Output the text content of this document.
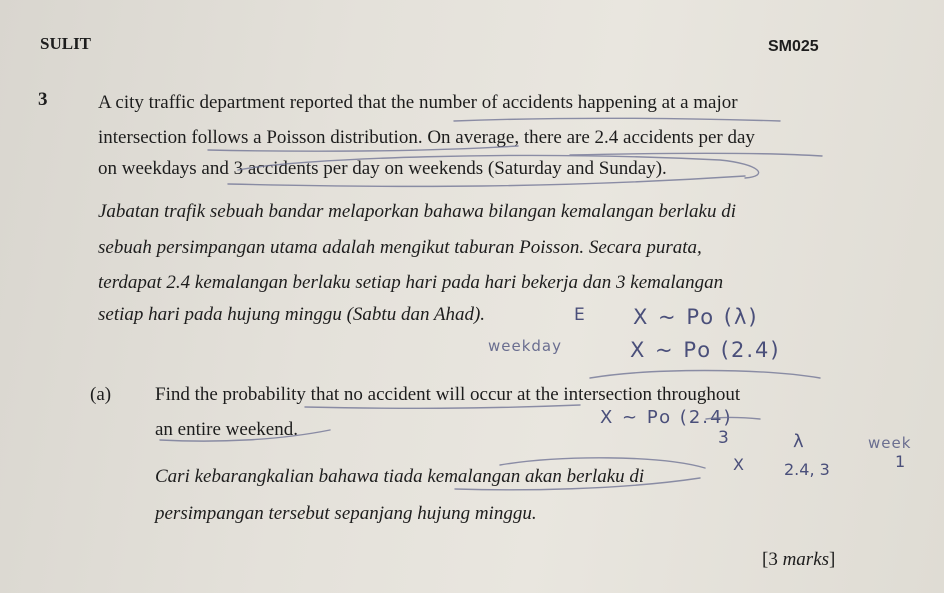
SULIT	SM025
3	A city traffic department reported that the number of accidents happening at a major
intersection follows a Poisson distribution. On average, there are 2.4 accidents per day
on weekdays and 3 accidents per day on weekends (Saturday and Sunday).
Jabatan trafik sebuah bandar melaporkan bahawa bilangan kemalangan berlaku di
sebuah persimpangan utama adalah mengikut taburan Poisson. Secara purata,
terdapat 2.4 kemalangan berlaku setiap hari pada hari bekerja dan 3 kemalangan
setiap hari pada hujung minggu (Sabtu dan Ahad).
(a) Find the probability that no accident will occur at the intersection throughout
an entire weekend.
Cari kebarangkalian bahawa tiada kemalangan akan berlaku di
persimpangan tersebut sepanjang hujung minggu.
[3 marks]
E X ~ Po (λ)
weekday	X ~ Po (2.4)
X ~ Po (2.4)
3	λ	week
X	2.4, 3	1
